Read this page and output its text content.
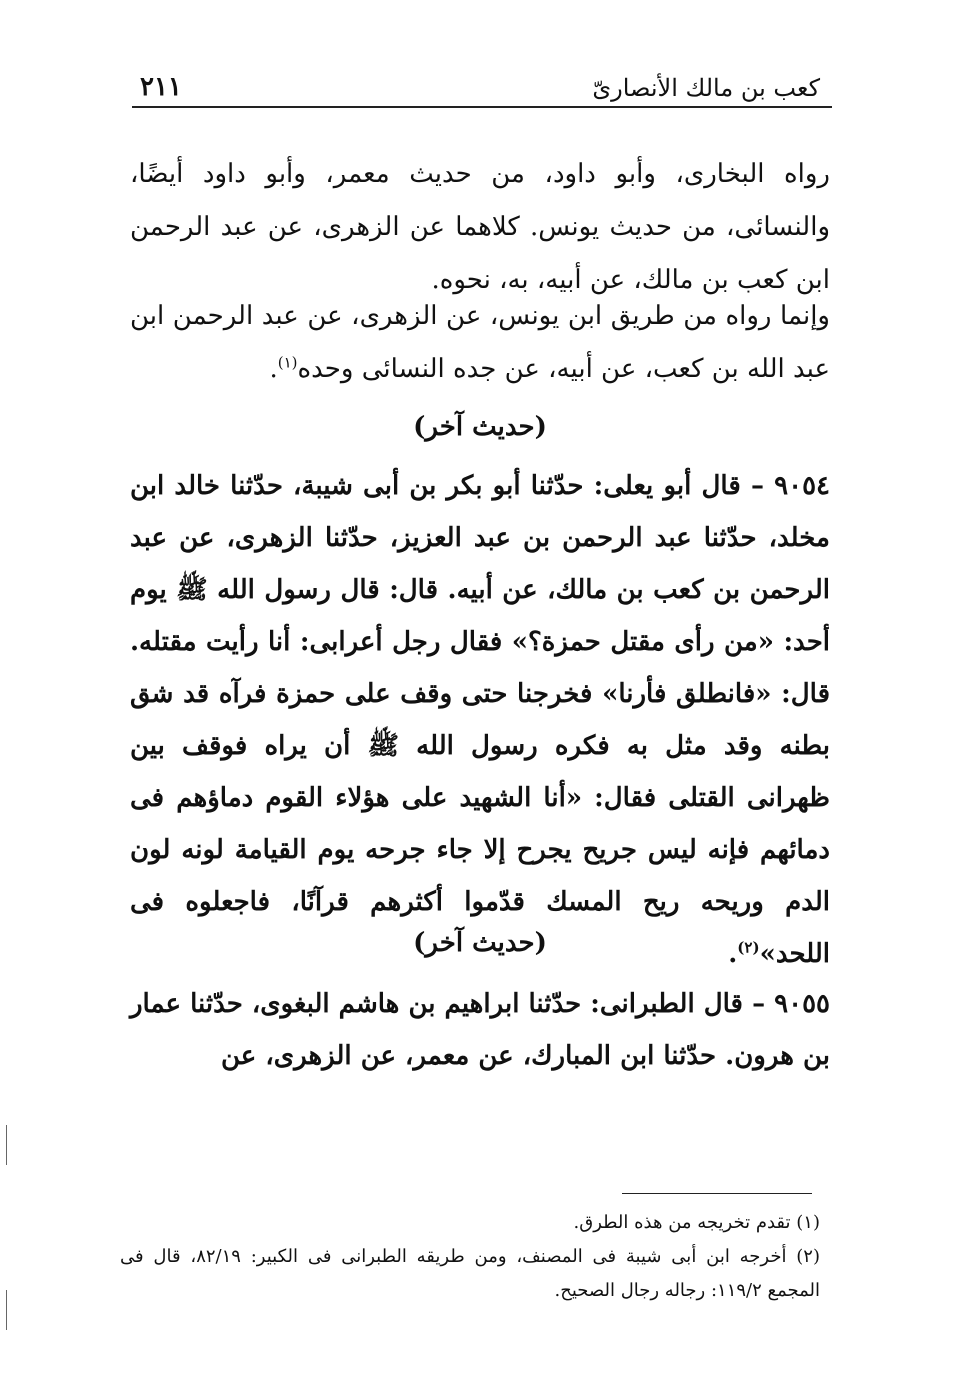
كعب بن مالك الأنصارىّ
٢١١
رواه البخارى، وأبو داود، من حديث معمر، وأبو داود أيضًا، والنسائى، من حديث يونس. كلاهما عن الزهرى، عن عبد الرحمن ابن كعب بن مالك، عن أبيه، به، نحوه.
وإنما رواه من طريق ابن يونس، عن الزهرى، عن عبد الرحمن ابن عبد الله بن كعب، عن أبيه، عن جده النسائى وحده$^{(١)}$.
(حديث آخر)
٩٠٥٤ – قال أبو يعلى: حدّثنا أبو بكر بن أبى شيبة، حدّثنا خالد ابن مخلد، حدّثنا عبد الرحمن بن عبد العزيز، حدّثنا الزهرى، عن عبد الرحمن بن كعب بن مالك، عن أبيه. قال: قال رسول الله ﷺ يوم أحد: «من رأى مقتل حمزة؟» فقال رجل أعرابى: أنا رأيت مقتله. قال: «فانطلق فأرنا» فخرجنا حتى وقف على حمزة فرآه قد شق بطنه وقد مثل به فكره رسول الله ﷺ أن يراه فوقف بين ظهرانى القتلى فقال: «أنا الشهيد على هؤلاء القوم دماؤهم فى دمائهم فإنه ليس جريح يجرح إلا جاء جرحه يوم القيامة لونه لون الدم وريحه ريح المسك قدّموا أكثرهم قرآنًا، فاجعلوه فى اللحد»$^{(٢)}$.
(حديث آخر)
٩٠٥٥ – قال الطبرانى: حدّثنا ابراهيم بن هاشم البغوى، حدّثنا عمار بن هرون. حدّثنا ابن المبارك، عن معمر، عن الزهرى، عن

(١) تقدم تخريجه من هذه الطرق.

(٢) أخرجه ابن أبى شيبة فى المصنف، ومن طريقه الطبرانى فى الكبير: ٨٢/١٩، قال فى المجمع ١١٩/٢: رجاله رجال الصحيح.
